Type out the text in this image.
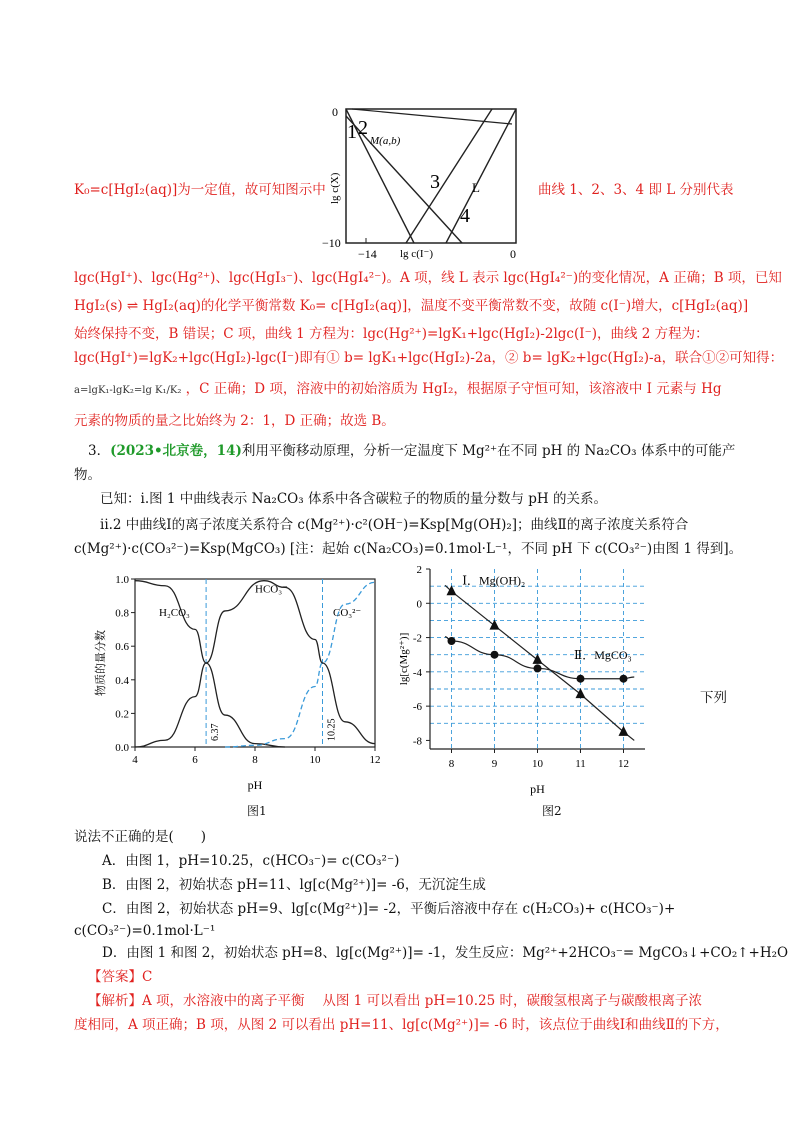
K₀=c[HgI₂(aq)]为一定值，故可知图示中	曲线 1、2、3、4 即 L 分别代表
0
−10
−14	0
lg c(I⁻)
lg c(X)
1 2
3
4
L
M(a,b)
lgc(HgI⁺)、lgc(Hg²⁺)、lgc(HgI₃⁻)、lgc(HgI₄²⁻)。A 项，线 L 表示 lgc(HgI₄²⁻)的变化情况，A 正确；B 项，已知
HgI₂(s) ⇌ HgI₂(aq)的化学平衡常数 K₀= c[HgI₂(aq)]，温度不变平衡常数不变，故随 c(I⁻)增大，c[HgI₂(aq)]
始终保持不变，B 错误；C 项，曲线 1 方程为：lgc(Hg²⁺)=lgK₁+lgc(HgI₂)-2lgc(I⁻)，曲线 2 方程为：
lgc(HgI⁺)=lgK₂+lgc(HgI₂)-lgc(I⁻)即有① b= lgK₁+lgc(HgI₂)-2a，② b= lgK₂+lgc(HgI₂)-a，联合①②可知得：
a=lgK₁-lgK₂=lg K₁/K₂ ，C 正确；D 项，溶液中的初始溶质为 HgI₂，根据原子守恒可知，该溶液中 I 元素与 Hg
元素的物质的量之比始终为 2：1，D 正确；故选 B。
3．(2023•北京卷，14)利用平衡移动原理，分析一定温度下 Mg²⁺在不同 pH 的 Na₂CO₃ 体系中的可能产
物。
已知：i.图 1 中曲线表示 Na₂CO₃ 体系中各含碳粒子的物质的量分数与 pH 的关系。
ii.2 中曲线Ⅰ的离子浓度关系符合 c(Mg²⁺)·c²(OH⁻)=Ksp[Mg(OH)₂]；曲线Ⅱ的离子浓度关系符合
c(Mg²⁺)·c(CO₃²⁻)=Ksp(MgCO₃) [注：起始 c(Na₂CO₃)=0.1mol·L⁻¹，不同 pH 下 c(CO₃²⁻)由图 1 得到]。
4	6	8	10	12
0.0
0.2
0.4
0.6
0.8
1.0
pH
物质的量分数
6.37	10.25
H₂CO₃
HCO₃⁻
CO₃²⁻
图1
8	9	10	11	12
-8
-6
-4
-2
0
2
pH
lg[c(Mg²⁺)]
Ⅰ．Mg(OH)₂
Ⅱ．MgCO₃
图2
下列
说法不正确的是(　　)
A．由图 1，pH=10.25，c(HCO₃⁻)= c(CO₃²⁻)
B．由图 2，初始状态 pH=11、lg[c(Mg²⁺)]= -6，无沉淀生成
C．由图 2，初始状态 pH=9、lg[c(Mg²⁺)]= -2，平衡后溶液中存在 c(H₂CO₃)+ c(HCO₃⁻)+
c(CO₃²⁻)=0.1mol·L⁻¹
D．由图 1 和图 2，初始状态 pH=8、lg[c(Mg²⁺)]= -1，发生反应：Mg²⁺+2HCO₃⁻= MgCO₃↓+CO₂↑+H₂O
【答案】C
【解析】A 项，水溶液中的离子平衡　 从图 1 可以看出 pH=10.25 时，碳酸氢根离子与碳酸根离子浓
度相同，A 项正确；B 项，从图 2 可以看出 pH=11、lg[c(Mg²⁺)]= -6 时，该点位于曲线Ⅰ和曲线Ⅱ的下方，
